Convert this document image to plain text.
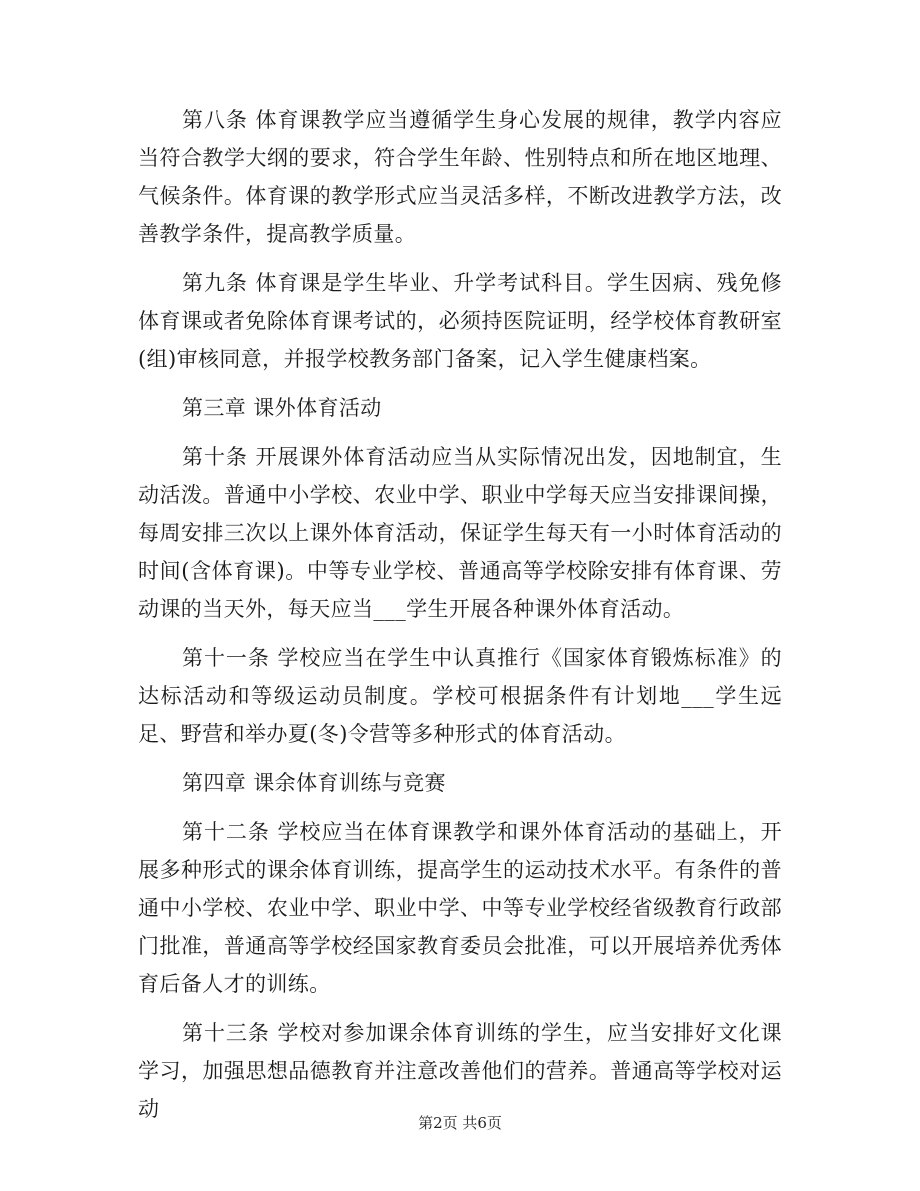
第八条 体育课教学应当遵循学生身心发展的规律，教学内容应当符合教学大纲的要求，符合学生年龄、性别特点和所在地区地理、气候条件。体育课的教学形式应当灵活多样，不断改进教学方法，改善教学条件，提高教学质量。

第九条 体育课是学生毕业、升学考试科目。学生因病、残免修体育课或者免除体育课考试的，必须持医院证明，经学校体育教研室(组)审核同意，并报学校教务部门备案，记入学生健康档案。

第三章 课外体育活动

第十条 开展课外体育活动应当从实际情况出发，因地制宜，生动活泼。普通中小学校、农业中学、职业中学每天应当安排课间操，每周安排三次以上课外体育活动，保证学生每天有一小时体育活动的时间(含体育课)。中等专业学校、普通高等学校除安排有体育课、劳动课的当天外，每天应当___学生开展各种课外体育活动。

第十一条 学校应当在学生中认真推行《国家体育锻炼标准》的达标活动和等级运动员制度。学校可根据条件有计划地___学生远足、野营和举办夏(冬)令营等多种形式的体育活动。

第四章 课余体育训练与竞赛

第十二条 学校应当在体育课教学和课外体育活动的基础上，开展多种形式的课余体育训练，提高学生的运动技术水平。有条件的普通中小学校、农业中学、职业中学、中等专业学校经省级教育行政部门批准，普通高等学校经国家教育委员会批准，可以开展培养优秀体育后备人才的训练。

第十三条 学校对参加课余体育训练的学生，应当安排好文化课学习，加强思想品德教育并注意改善他们的营养。普通高等学校对运动

第2页 共6页
